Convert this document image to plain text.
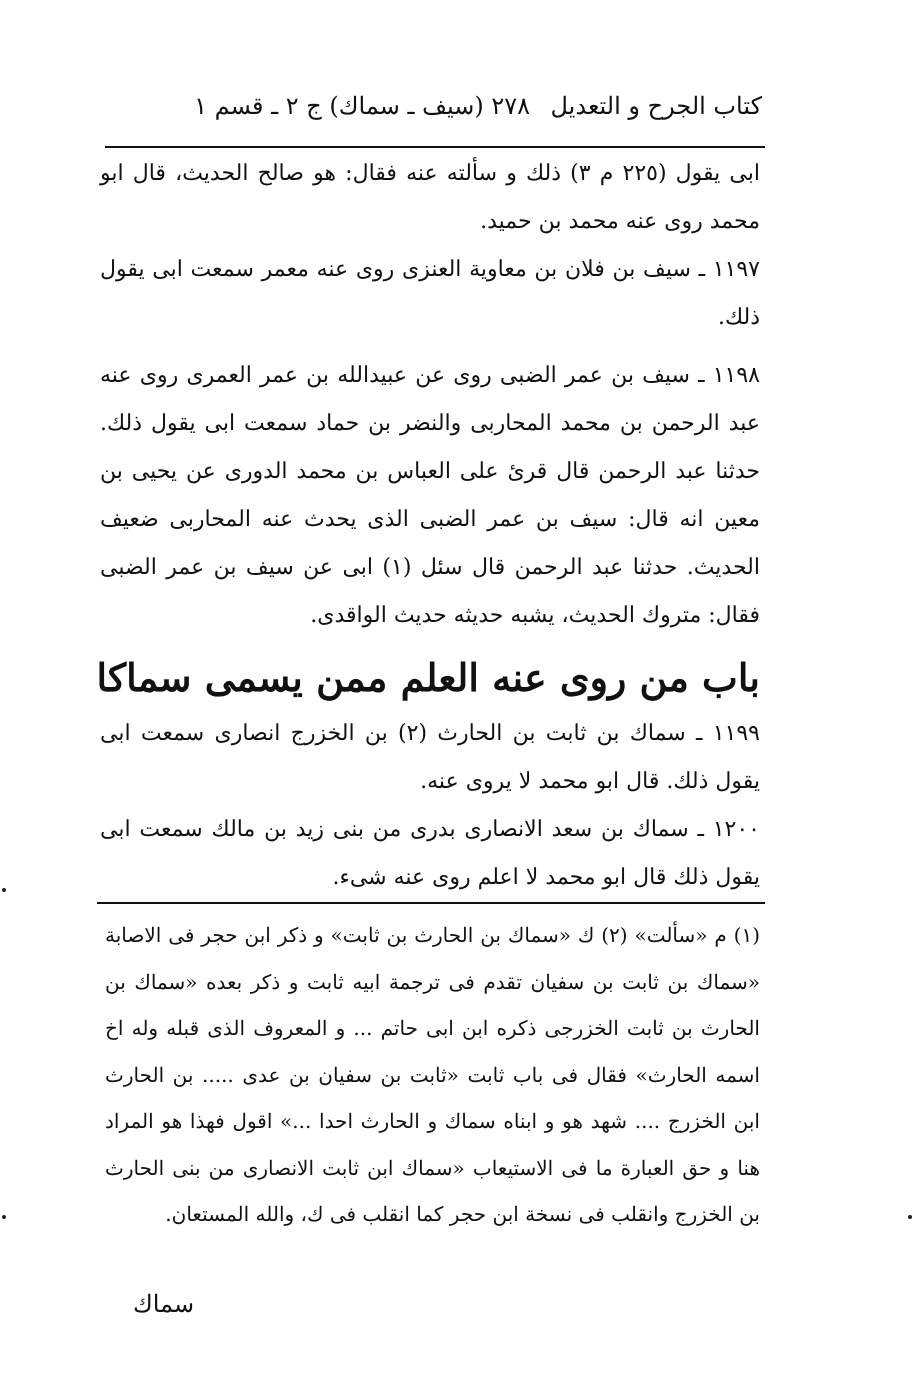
كتاب الجرح و التعديل
٢٧٨ (سيف ـ سماك) ج ٢ ـ قسم ١

ابى يقول (٢٢٥ م ٣) ذلك و سألته عنه فقال: هو صالح الحديث، قال ابو محمد روى عنه محمد بن حميد.

١١٩٧ ـ سيف بن فلان بن معاوية العنزى روى عنه معمر سمعت ابى يقول ذلك.

١١٩٨ ـ سيف بن عمر الضبى روى عن عبيدالله بن عمر العمرى روى عنه عبد الرحمن بن محمد المحاربى والنضر بن حماد سمعت ابى يقول ذلك. حدثنا عبد الرحمن قال قرئ على العباس بن محمد الدورى عن يحيى بن معين انه قال: سيف بن عمر الضبى الذى يحدث عنه المحاربى ضعيف الحديث. حدثنا عبد الرحمن قال سئل (١) ابى عن سيف بن عمر الضبى فقال: متروك الحديث، يشبه حديثه حديث الواقدى.

باب من روى عنه العلم ممن يسمى سماكا

١١٩٩ ـ سماك بن ثابت بن الحارث (٢) بن الخزرج انصارى سمعت ابى يقول ذلك. قال ابو محمد لا يروى عنه.

١٢٠٠ ـ سماك بن سعد الانصارى بدرى من بنى زيد بن مالك سمعت ابى يقول ذلك قال ابو محمد لا اعلم روى عنه شىء.

(١) م «سألت» (٢) ك «سماك بن الحارث بن ثابت» و ذكر ابن حجر فى الاصابة «سماك بن ثابت بن سفيان تقدم فى ترجمة ابيه ثابت و ذكر بعده «سماك بن الحارث بن ثابت الخزرجى ذكره ابن ابى حاتم ... و المعروف الذى قبله وله اخ اسمه الحارث» فقال فى باب ثابت «ثابت بن سفيان بن عدى ..... بن الحارث ابن الخزرج .... شهد هو و ابناه سماك و الحارث احدا ...» اقول فهذا هو المراد هنا و حق العبارة ما فى الاستيعاب «سماك ابن ثابت الانصارى من بنى الحارث بن الخزرج وانقلب فى نسخة ابن حجر كما انقلب فى ك، والله المستعان.

سماك
